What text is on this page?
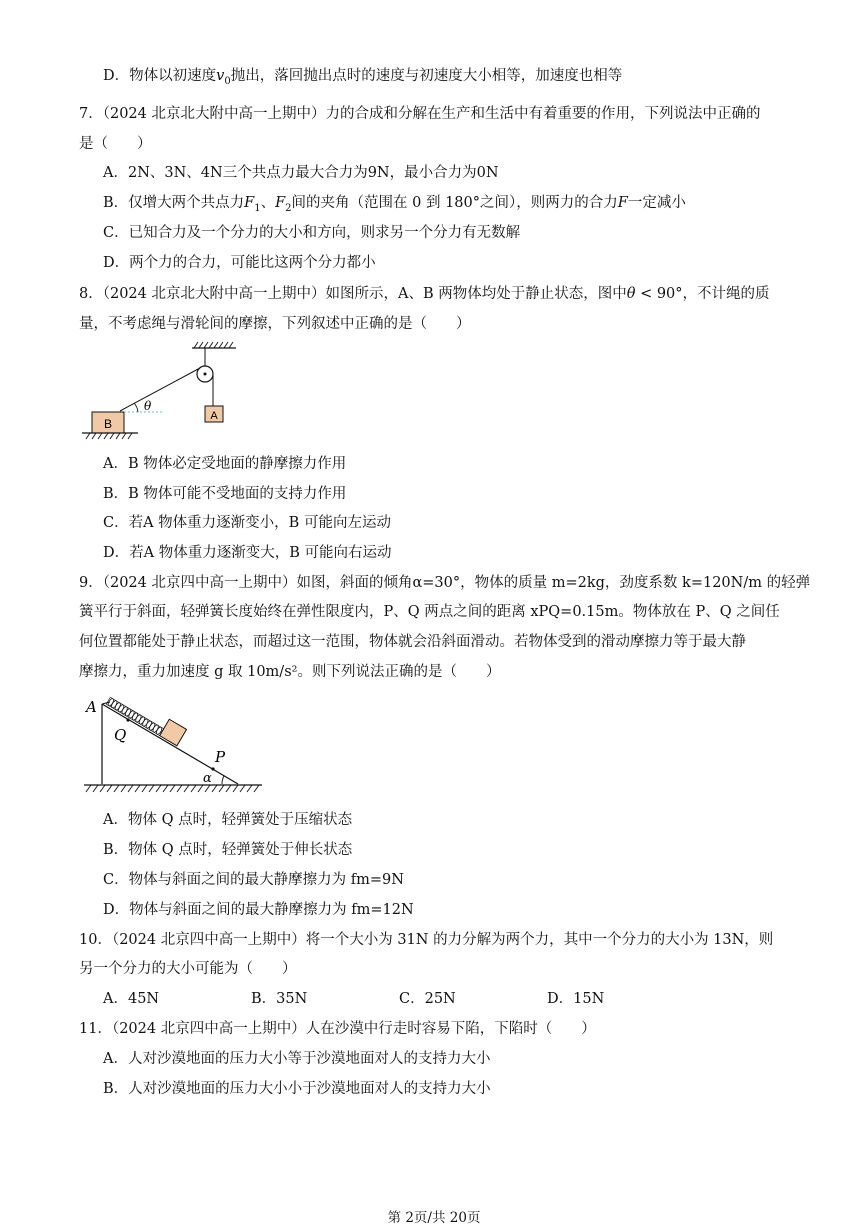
D．物体以初速度$v_0$抛出，落回抛出点时的速度与初速度大小相等，加速度也相等
7．（2024 北京北大附中高一上期中）力的合成和分解在生产和生活中有着重要的作用，下列说法中正确的
是（　　）
A．2N、3N、4N三个共点力最大合力为9N，最小合力为0N
B．仅增大两个共点力$F_1$、$F_2$间的夹角（范围在 0 到 180°之间），则两力的合力F一定减小
C．已知合力及一个分力的大小和方向，则求另一个分力有无数解
D．两个力的合力，可能比这两个分力都小
8．（2024 北京北大附中高一上期中）如图所示，A、B 两物体均处于静止状态，图中θ < 90°，不计绳的质
量，不考虑绳与滑轮间的摩擦，下列叙述中正确的是（　　）
A
B
θ
A．B 物体必定受地面的静摩擦力作用
B．B 物体可能不受地面的支持力作用
C．若A 物体重力逐渐变小，B 可能向左运动
D．若A 物体重力逐渐变大，B 可能向右运动
9．（2024 北京四中高一上期中）如图，斜面的倾角α=30°，物体的质量 m=2kg，劲度系数 k=120N/m 的轻弹
簧平行于斜面，轻弹簧长度始终在弹性限度内，P、Q 两点之间的距离 xPQ=0.15m。物体放在 P、Q 之间任
何位置都能处于静止状态，而超过这一范围，物体就会沿斜面滑动。若物体受到的滑动摩擦力等于最大静
摩擦力，重力加速度 g 取 10m/s²。则下列说法正确的是（　　）
Q
P
A
α
A．物体 Q 点时，轻弹簧处于压缩状态
B．物体 Q 点时，轻弹簧处于伸长状态
C．物体与斜面之间的最大静摩擦力为 fm=9N
D．物体与斜面之间的最大静摩擦力为 fm=12N
10．（2024 北京四中高一上期中）将一个大小为 31N 的力分解为两个力，其中一个分力的大小为 13N，则
另一个分力的大小可能为（　　）
A．45N	B．35N	C．25N	D．15N
11．（2024 北京四中高一上期中）人在沙漠中行走时容易下陷，下陷时（　　）
A．人对沙漠地面的压力大小等于沙漠地面对人的支持力大小
B．人对沙漠地面的压力大小小于沙漠地面对人的支持力大小
第 2页/共 20页
